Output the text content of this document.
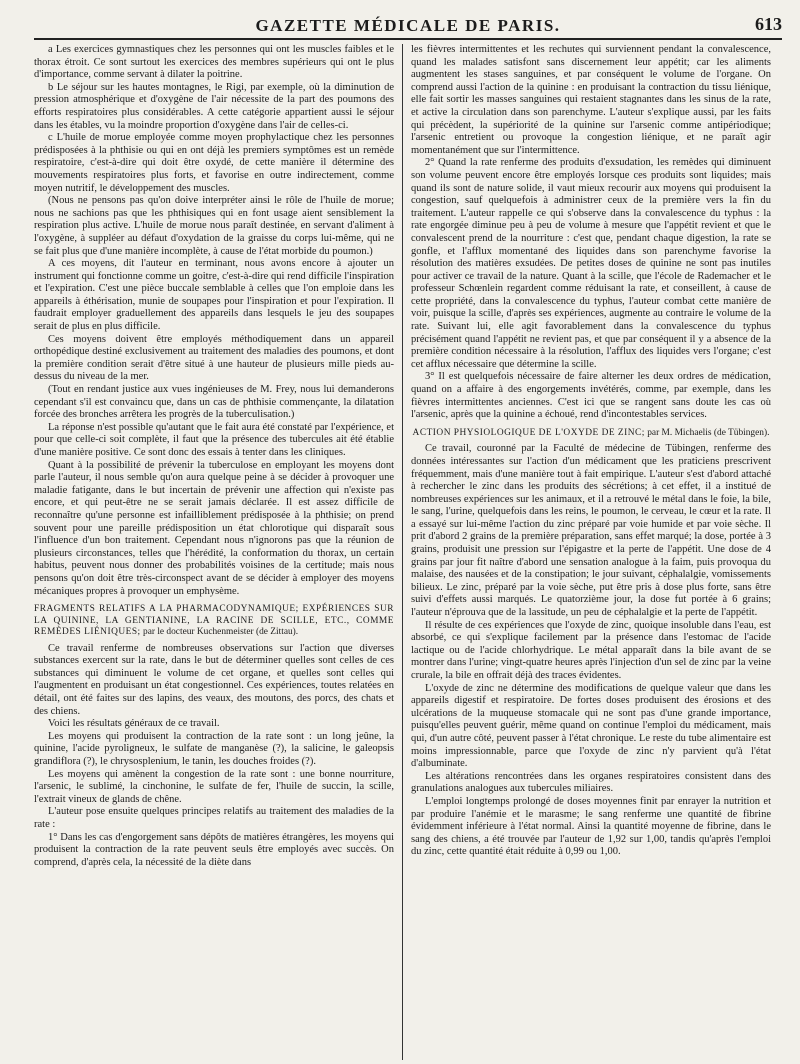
GAZETTE MÉDICALE DE PARIS.	613

a Les exercices gymnastiques chez les personnes qui ont les muscles faibles et le thorax étroit. Ce sont surtout les exercices des membres supérieurs qui ont le plus d'importance, comme servant à dilater la poitrine.

b Le séjour sur les hautes montagnes, le Rigi, par exemple, où la diminution de pression atmosphérique et d'oxygène de l'air nécessite de la part des poumons des efforts respiratoires plus considérables. A cette catégorie appartient aussi le séjour dans les étables, vu la moindre proportion d'oxygène dans l'air de celles-ci.

c L'huile de morue employée comme moyen prophylactique chez les personnes prédisposées à la phthisie ou qui en ont déjà les premiers symptômes est un remède respiratoire, c'est-à-dire qui doit être oxydé, de cette manière il détermine des mouvements respiratoires plus forts, et favorise en outre indirectement, comme moyen nutritif, le développement des muscles.

(Nous ne pensons pas qu'on doive interpréter ainsi le rôle de l'huile de morue; nous ne sachions pas que les phthisiques qui en font usage aient sensiblement la respiration plus active. L'huile de morue nous paraît destinée, en servant d'aliment à l'oxygène, à suppléer au défaut d'oxydation de la graisse du corps lui-même, qui ne se fait plus que d'une manière incomplète, à cause de l'état morbide du poumon.)

A ces moyens, dit l'auteur en terminant, nous avons encore à ajouter un instrument qui fonctionne comme un goitre, c'est-à-dire qui rend difficile l'inspiration et l'expiration. C'est une pièce buccale semblable à celles que l'on emploie dans les appareils à éthérisation, munie de soupapes pour l'inspiration et pour l'expiration. Il faudrait employer graduellement des appareils dans lesquels le jeu des soupapes serait de plus en plus difficile.

Ces moyens doivent être employés méthodiquement dans un appareil orthopédique destiné exclusivement au traitement des maladies des poumons, et dont la première condition serait d'être situé à une hauteur de plusieurs mille pieds au-dessus du niveau de la mer.

(Tout en rendant justice aux vues ingénieuses de M. Frey, nous lui demanderons cependant s'il est convaincu que, dans un cas de phthisie commençante, la dilatation forcée des bronches arrêtera les progrès de la tuberculisation.)

La réponse n'est possible qu'autant que le fait aura été constaté par l'expérience, et pour que celle-ci soit complète, il faut que la présence des tubercules ait été établie d'une manière positive. Ce sont donc des essais à tenter dans les cliniques.

Quant à la possibilité de prévenir la tuberculose en employant les moyens dont parle l'auteur, il nous semble qu'on aura quelque peine à se décider à provoquer une maladie fatigante, dans le but incertain de prévenir une affection qui n'existe pas encore, et qui peut-être ne se serait jamais déclarée. Il est assez difficile de reconnaître qu'une personne est infailliblement prédisposée à la phthisie; on prend souvent pour une pareille prédisposition un état chlorotique qui disparaît sous l'influence d'un bon traitement. Cependant nous n'ignorons pas que la réunion de plusieurs circonstances, telles que l'hérédité, la conformation du thorax, un certain habitus, peuvent nous donner des probabilités voisines de la certitude; mais nous pensons qu'on doit être très-circonspect avant de se décider à employer des moyens mécaniques propres à provoquer un emphysème.

FRAGMENTS RELATIFS A LA PHARMACODYNAMIQUE; EXPÉRIENCES SUR LA QUININE, LA GENTIANINE, LA RACINE DE SCILLE, ETC., COMME REMÈDES LIÉNIQUES; par le docteur Kuchenmeister (de Zittau).

Ce travail renferme de nombreuses observations sur l'action que diverses substances exercent sur la rate, dans le but de déterminer quelles sont celles de ces substances qui diminuent le volume de cet organe, et quelles sont celles qui l'augmentent en produisant un état congestionnel. Ces expériences, toutes relatées en détail, ont été faites sur des lapins, des veaux, des moutons, des porcs, des chats et des chiens.

Voici les résultats généraux de ce travail.

Les moyens qui produisent la contraction de la rate sont : un long jeûne, la quinine, l'acide pyroligneux, le sulfate de manganèse (?), la salicine, le galeopsis grandiflora (?), le chrysosplenium, le tanin, les douches froides (?).

Les moyens qui amènent la congestion de la rate sont : une bonne nourriture, l'arsenic, le sublimé, la cinchonine, le sulfate de fer, l'huile de succin, la scille, l'extrait vineux de glands de chêne.

L'auteur pose ensuite quelques principes relatifs au traitement des maladies de la rate :

1° Dans les cas d'engorgement sans dépôts de matières étrangères, les moyens qui produisent la contraction de la rate peuvent seuls être employés avec succès. On comprend, d'après cela, la nécessité de la diète dans

les fièvres intermittentes et les rechutes qui surviennent pendant la convalescence, quand les malades satisfont sans discernement leur appétit; car les aliments augmentent les stases sanguines, et par conséquent le volume de l'organe. On comprend aussi l'action de la quinine : en produisant la contraction du tissu liénique, elle fait sortir les masses sanguines qui restaient stagnantes dans les sinus de la rate, et active la circulation dans son parenchyme. L'auteur s'explique aussi, par les faits qui précèdent, la supériorité de la quinine sur l'arsenic comme antipériodique; l'arsenic entretient ou provoque la congestion liénique, et ne paraît agir momentanément que sur l'intermittence.

2° Quand la rate renferme des produits d'exsudation, les remèdes qui diminuent son volume peuvent encore être employés lorsque ces produits sont liquides; mais quand ils sont de nature solide, il vaut mieux recourir aux moyens qui produisent la congestion, sauf quelquefois à administrer ceux de la première vers la fin du traitement. L'auteur rappelle ce qui s'observe dans la convalescence du typhus : la rate engorgée diminue peu à peu de volume à mesure que l'appétit revient et que le convalescent prend de la nourriture : c'est que, pendant chaque digestion, la rate se gonfle, et l'afflux momentané des liquides dans son parenchyme favorise la résolution des matières exsudées. De petites doses de quinine ne sont pas inutiles pour activer ce travail de la nature. Quant à la scille, que l'école de Rademacher et le professeur Schœnlein regardent comme réduisant la rate, et conseillent, à cause de cette propriété, dans la convalescence du typhus, l'auteur combat cette manière de voir, puisque la scille, d'après ses expériences, augmente au contraire le volume de la rate. Suivant lui, elle agit favorablement dans la convalescence du typhus précisément quand l'appétit ne revient pas, et que par conséquent il y a absence de la première condition nécessaire à la résolution, l'afflux des liquides vers l'organe; c'est cet afflux nécessaire que détermine la scille.

3° Il est quelquefois nécessaire de faire alterner les deux ordres de médication, quand on a affaire à des engorgements invétérés, comme, par exemple, dans les fièvres intermittentes anciennes. C'est ici que se rangent sans doute les cas où l'arsenic, après que la quinine a échoué, rend d'incontestables services.

ACTION PHYSIOLOGIQUE DE L'OXYDE DE ZINC; par M. Michaelis (de Tübingen).

Ce travail, couronné par la Faculté de médecine de Tübingen, renferme des données intéressantes sur l'action d'un médicament que les praticiens prescrivent fréquemment, mais d'une manière tout à fait empirique. L'auteur s'est d'abord attaché à rechercher le zinc dans les produits des sécrétions; à cet effet, il a institué de nombreuses expériences sur les animaux, et il a retrouvé le métal dans le foie, la bile, le sang, l'urine, quelquefois dans les reins, le poumon, le cerveau, le cœur et la rate. Il a essayé sur lui-même l'action du zinc préparé par voie humide et par voie sèche. Il prit d'abord 2 grains de la première préparation, sans effet marqué; la dose, portée à 3 grains, produisit une pression sur l'épigastre et la perte de l'appétit. Une dose de 4 grains par jour fit naître d'abord une sensation analogue à la faim, puis provoqua du malaise, des nausées et de la constipation; le jour suivant, céphalalgie, vomissements bilieux. Le zinc, préparé par la voie sèche, put être pris à dose plus forte, sans être suivi d'effets aussi marqués. Le quatorzième jour, la dose fut portée à 6 grains; l'auteur n'éprouva que de la lassitude, un peu de céphalalgie et la perte de l'appétit.

Il résulte de ces expériences que l'oxyde de zinc, quoique insoluble dans l'eau, est absorbé, ce qui s'explique facilement par la présence dans l'estomac de l'acide lactique ou de l'acide chlorhydrique. Le métal apparaît dans la bile avant de se montrer dans l'urine; vingt-quatre heures après l'injection d'un sel de zinc par la veine crurale, la bile en offrait déjà des traces évidentes.

L'oxyde de zinc ne détermine des modifications de quelque valeur que dans les appareils digestif et respiratoire. De fortes doses produisent des érosions et des ulcérations de la muqueuse stomacale qui ne sont pas d'une grande importance, puisqu'elles peuvent guérir, même quand on continue l'emploi du médicament, mais qui, d'un autre côté, peuvent passer à l'état chronique. Le reste du tube alimentaire est moins impressionnable, parce que l'oxyde de zinc n'y parvient qu'à l'état d'albuminate.

Les altérations rencontrées dans les organes respiratoires consistent dans des granulations analogues aux tubercules miliaires.

L'emploi longtemps prolongé de doses moyennes finit par enrayer la nutrition et par produire l'anémie et le marasme; le sang renferme une quantité de fibrine évidemment inférieure à l'état normal. Ainsi la quantité moyenne de fibrine, dans le sang des chiens, a été trouvée par l'auteur de 1,92 sur 1,00, tandis qu'après l'emploi du zinc, cette quantité était réduite à 0,99 ou 1,00.
